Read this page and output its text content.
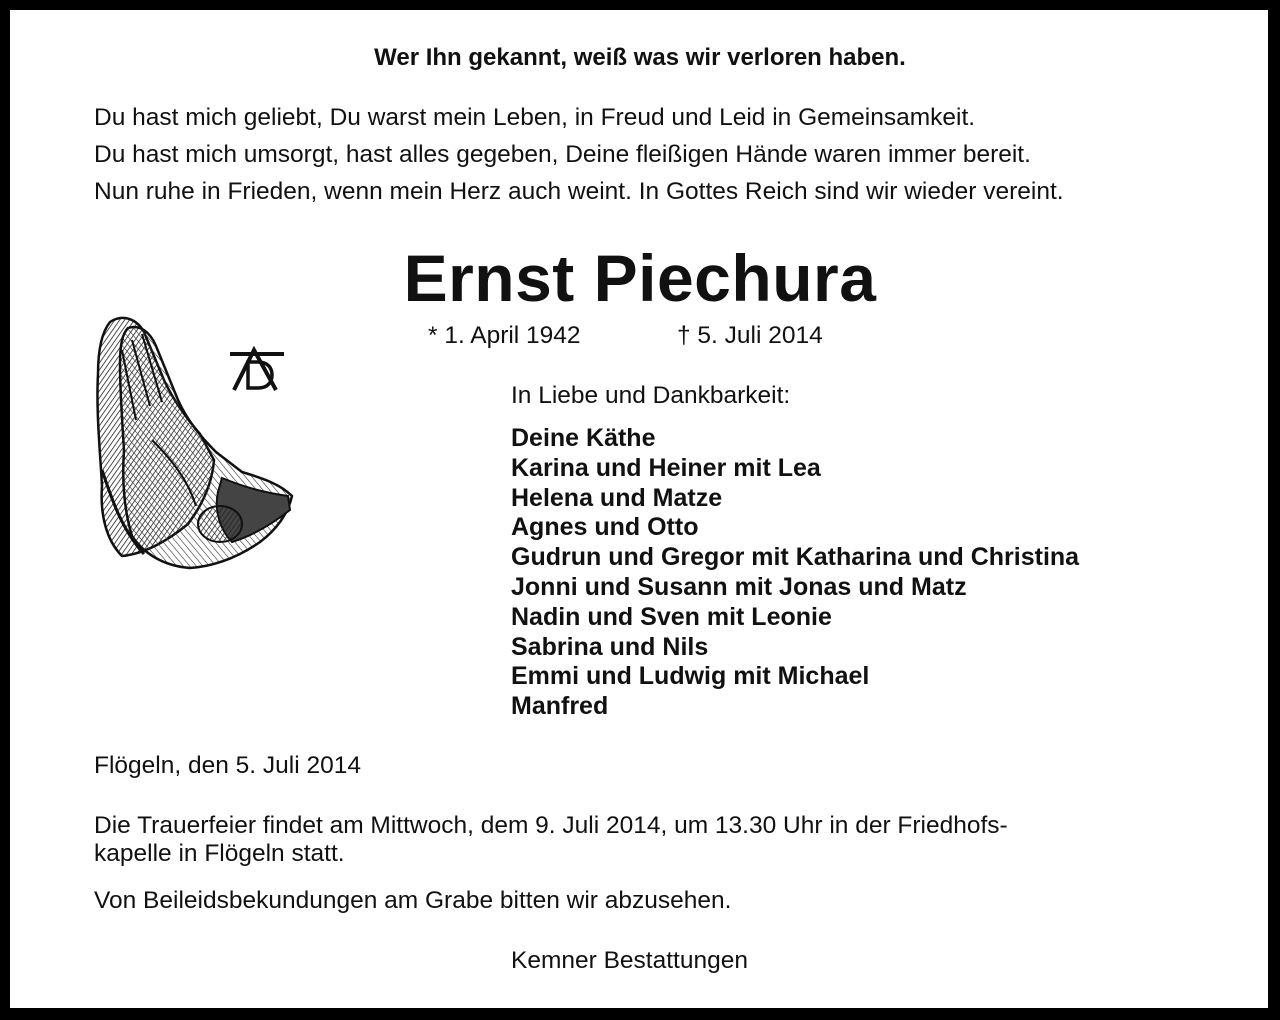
Wer Ihn gekannt, weiß was wir verloren haben.
Du hast mich geliebt, Du warst mein Leben, in Freud und Leid in Gemeinsamkeit.
Du hast mich umsorgt, hast alles gegeben, Deine fleißigen Hände waren immer bereit.
Nun ruhe in Frieden, wenn mein Herz auch weint. In Gottes Reich sind wir wieder vereint.
Ernst Piechura
* 1. April 1942	† 5. Juli 2014
In Liebe und Dankbarkeit:
Deine Käthe
Karina und Heiner mit Lea
Helena und Matze
Agnes und Otto
Gudrun und Gregor mit Katharina und Christina
Jonni und Susann mit Jonas und Matz
Nadin und Sven mit Leonie
Sabrina und Nils
Emmi und Ludwig mit Michael
Manfred
Flögeln, den 5. Juli 2014
Die Trauerfeier findet am Mittwoch, dem 9. Juli 2014, um 13.30 Uhr in der Friedhofs-
kapelle in Flögeln statt.
Von Beileidsbekundungen am Grabe bitten wir abzusehen.
Kemner Bestattungen
